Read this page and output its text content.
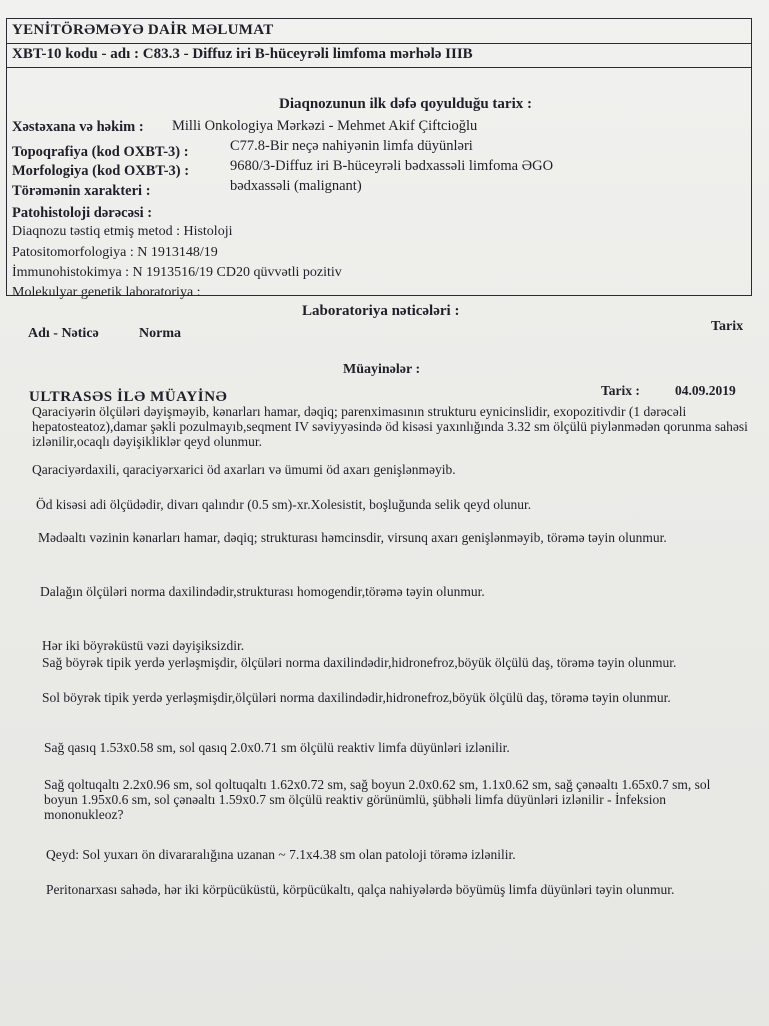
YENİTÖRƏMƏYƏ DAİR MƏLUMAT
XBT-10 kodu - adı : C83.3 - Diffuz iri B-hüceyrəli limfoma mərhələ IIIB
Diaqnozunun ilk dəfə qoyulduğu tarix :
Xəstəxana və həkim : Milli Onkologiya Mərkəzi - Mehmet Akif Çiftcioğlu
Topoqrafiya (kod OXBT-3) :	C77.8-Bir neçə nahiyənin limfa düyünləri
Morfologiya (kod OXBT-3) :	9680/3-Diffuz iri B-hüceyrəli bədxassəli limfoma ƏGO
Törəmənin xarakteri :	bədxassəli (malignant)
Patohistoloji dərəcəsi :
Diaqnozu təstiq etmiş metod : Histoloji
Patositomorfologiya : N 1913148/19
İmmunohistokimya : N 1913516/19 CD20 qüvvətli pozitiv
Molekulyar genetik laboratoriya :
Laboratoriya nəticələri :
Adı - Nəticə	Norma	Tarix
Müayinələr :
ULTRASƏS İLƏ MÜAYİNƏ	Tarix :	04.09.2019
Qaraciyərin ölçüləri dəyişməyib, kənarları hamar, dəqiq; parenximasının strukturu eynicinslidir, exopozitivdir (1 dərəcəli hepatosteatoz),damar şəkli pozulmayıb,seqment IV səviyyəsində öd kisəsi yaxınlığında 3.32 sm ölçülü piylənmədən qorunma sahəsi izlənilir,ocaqlı dəyişikliklər qeyd olunmur.
Qaraciyərdaxili, qaraciyərxarici öd axarları və ümumi öd axarı genişlənməyib.
Öd kisəsi adi ölçüdədir, divarı qalındır (0.5 sm)-xr.Xolesistit, boşluğunda selik qeyd olunur.
Mədəaltı vəzinin kənarları hamar, dəqiq; strukturası həmcinsdir, virsunq axarı genişlənməyib, törəmə təyin olunmur.
Dalağın ölçüləri norma daxilindədir,strukturası homogendir,törəmə təyin olunmur.
Hər iki böyrəküstü vəzi dəyişiksizdir.
Sağ böyrək tipik yerdə yerləşmişdir, ölçüləri norma daxilindədir,hidronefroz,böyük ölçülü daş, törəmə təyin olunmur.
Sol böyrək tipik yerdə yerləşmişdir,ölçüləri norma daxilindədir,hidronefroz,böyük ölçülü daş, törəmə təyin olunmur.
Sağ qasıq 1.53x0.58 sm, sol qasıq 2.0x0.71 sm ölçülü reaktiv limfa düyünləri izlənilir.
Sağ qoltuqaltı 2.2x0.96 sm, sol qoltuqaltı 1.62x0.72 sm, sağ boyun 2.0x0.62 sm, 1.1x0.62 sm, sağ çənəaltı 1.65x0.7 sm, sol boyun 1.95x0.6 sm, sol çənəaltı 1.59x0.7 sm ölçülü reaktiv görünümlü, şübhəli limfa düyünləri izlənilir - İnfeksion mononukleoz?
Qeyd: Sol yuxarı ön divararalığına uzanan ~ 7.1x4.38 sm olan patoloji törəmə izlənilir.
Peritonarxası sahədə, hər iki körpücüküstü, körpücükaltı, qalça nahiyələrdə böyümüş limfa düyünləri təyin olunmur.
